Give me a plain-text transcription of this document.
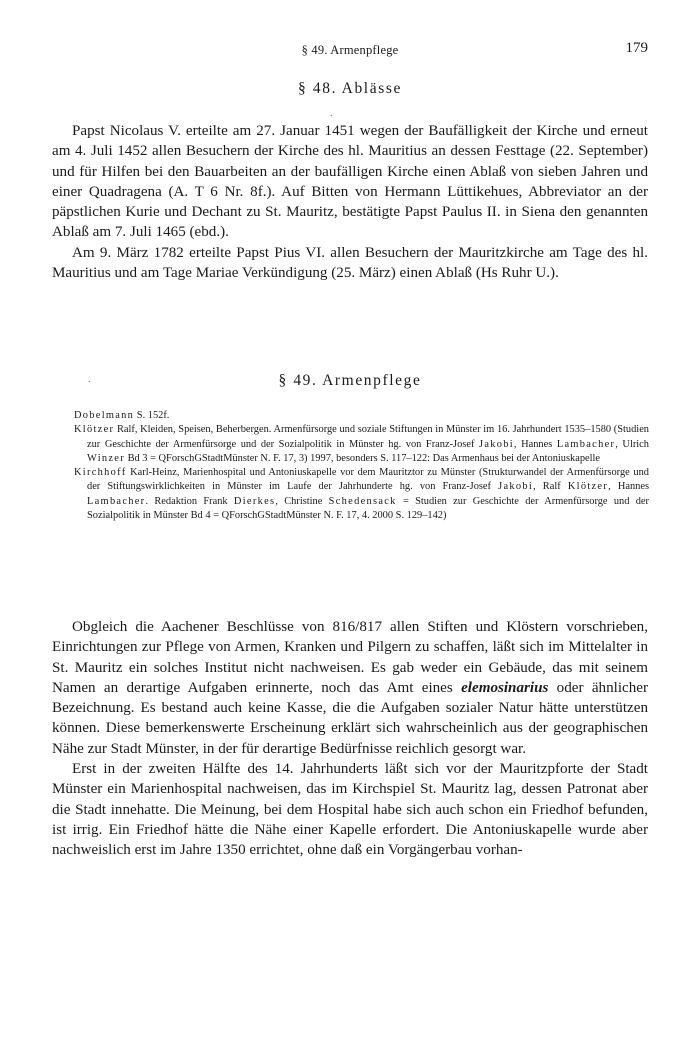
§ 49. Armenpflege	179
§ 48. Ablässe

Papst Nicolaus V. erteilte am 27. Januar 1451 wegen der Baufälligkeit der Kirche und erneut am 4. Juli 1452 allen Besuchern der Kirche des hl. Mauritius an dessen Festtage (22. September) und für Hilfen bei den Bauarbeiten an der baufälligen Kirche einen Ablaß von sieben Jahren und einer Quadragena (A. T 6 Nr. 8f.). Auf Bitten von Hermann Lüttikehues, Abbreviator an der päpstlichen Kurie und Dechant zu St. Mauritz, bestätigte Papst Paulus II. in Siena den genannten Ablaß am 7. Juli 1465 (ebd.).

Am 9. März 1782 erteilte Papst Pius VI. allen Besuchern der Mauritzkirche am Tage des hl. Mauritius und am Tage Mariae Verkündigung (25. März) einen Ablaß (Hs Ruhr U.).

.
.	§ 49. Armenpflege

Dobelmann S. 152f.

Klötzer Ralf, Kleiden, Speisen, Beherbergen. Armenfürsorge und soziale Stiftungen in Münster im 16. Jahrhundert 1535–1580 (Studien zur Geschichte der Armenfürsorge und der Sozialpolitik in Münster hg. von Franz-Josef Jakobi, Hannes Lambacher, Ulrich Winzer Bd 3 = QForschGStadtMünster N. F. 17, 3) 1997, besonders S. 117–122: Das Armenhaus bei der Antoniuskapelle

Kirchhoff Karl-Heinz, Marienhospital und Antoniuskapelle vor dem Mauritztor zu Münster (Strukturwandel der Armenfürsorge und der Stiftungswirklichkeiten in Münster im Laufe der Jahrhunderte hg. von Franz-Josef Jakobi, Ralf Klötzer, Hannes Lambacher. Redaktion Frank Dierkes, Christine Schedensack = Studien zur Geschichte der Armenfürsorge und der Sozialpolitik in Münster Bd 4 = QForschGStadtMünster N. F. 17, 4. 2000 S. 129–142)

Obgleich die Aachener Beschlüsse von 816/817 allen Stiften und Klöstern vorschrieben, Einrichtungen zur Pflege von Armen, Kranken und Pilgern zu schaffen, läßt sich im Mittelalter in St. Mauritz ein solches Institut nicht nachweisen. Es gab weder ein Gebäude, das mit seinem Namen an derartige Aufgaben erinnerte, noch das Amt eines elemosinarius oder ähnlicher Bezeichnung. Es bestand auch keine Kasse, die die Aufgaben sozialer Natur hätte unterstützen können. Diese bemerkenswerte Erscheinung erklärt sich wahrscheinlich aus der geographischen Nähe zur Stadt Münster, in der für derartige Bedürfnisse reichlich gesorgt war.

Erst in der zweiten Hälfte des 14. Jahrhunderts läßt sich vor der Mauritzpforte der Stadt Münster ein Marienhospital nachweisen, das im Kirchspiel St. Mauritz lag, dessen Patronat aber die Stadt innehatte. Die Meinung, bei dem Hospital habe sich auch schon ein Friedhof befunden, ist irrig. Ein Friedhof hätte die Nähe einer Kapelle erfordert. Die Antoniuskapelle wurde aber nachweislich erst im Jahre 1350 errichtet, ohne daß ein Vorgängerbau vorhan-
